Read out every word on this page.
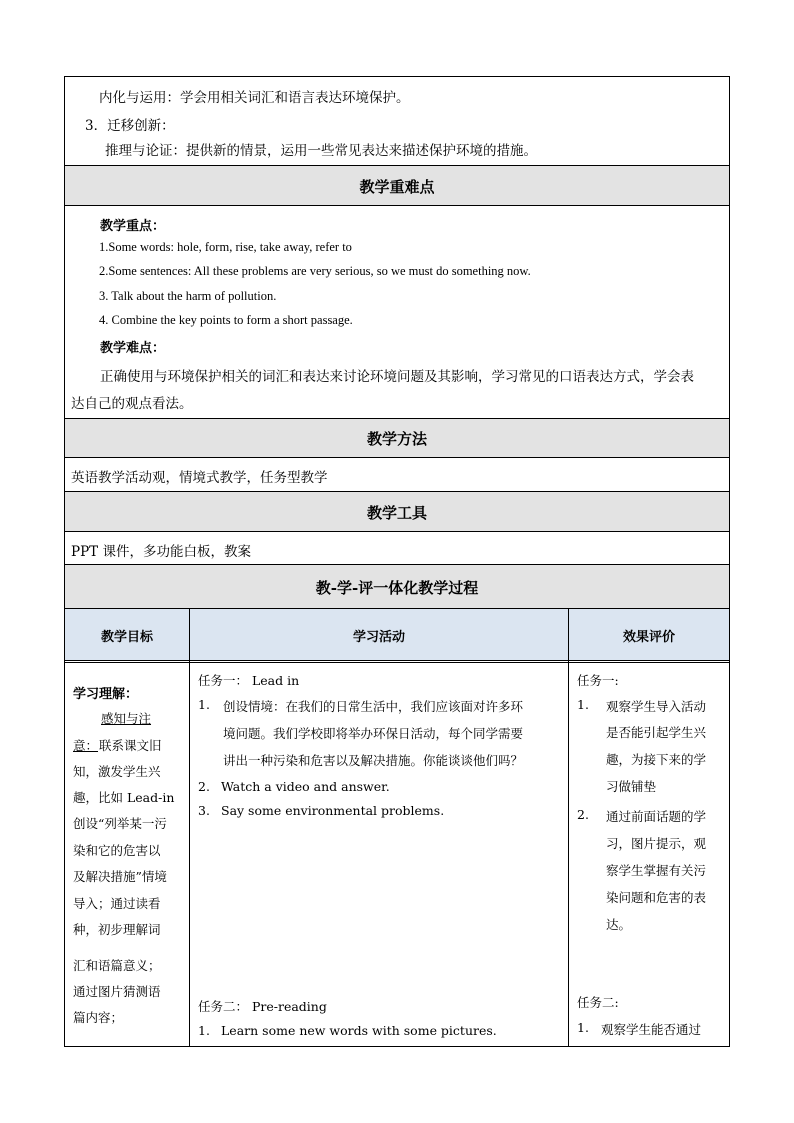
内化与运用：学会用相关词汇和语言表达环境保护。
3．迁移创新：
推理与论证：提供新的情景，运用一些常见表达来描述保护环境的措施。
教学重难点
教学重点：
1.Some words: hole, form, rise, take away, refer to
2.Some sentences: All these problems are very serious, so we must do something now.
3. Talk about the harm of pollution.
4. Combine the key points to form a short passage.
教学难点：
正确使用与环境保护相关的词汇和表达来讨论环境问题及其影响，学习常见的口语表达方式，学会表
达自己的观点看法。
教学方法
英语教学活动观，情境式教学，任务型教学
教学工具
PPT 课件，多功能白板，教案
教-学-评一体化教学过程
教学目标	学习活动	效果评价
学习理解：
感知与注
意： 联系课文旧
知，激发学生兴
趣，比如 Lead-in
创设“列举某一污
染和它的危害以
及解决措施”情境
导入；通过读看
种，初步理解词
汇和语篇意义；
通过图片猜测语
篇内容；
任务一： Lead in
1. 创设情境：在我们的日常生活中，我们应该面对许多环
境问题。我们学校即将举办环保日活动，每个同学需要
讲出一种污染和危害以及解决措施。你能谈谈他们吗？
2. Watch a video and answer.
3. Say some environmental problems.
任务二： Pre-reading
1. Learn some new words with some pictures.
任务一:
1. 观察学生导入活动
是否能引起学生兴
趣，为接下来的学
习做铺垫
2. 通过前面话题的学
习，图片提示，观
察学生掌握有关污
染问题和危害的表
达。
任务二:
1. 观察学生能否通过
